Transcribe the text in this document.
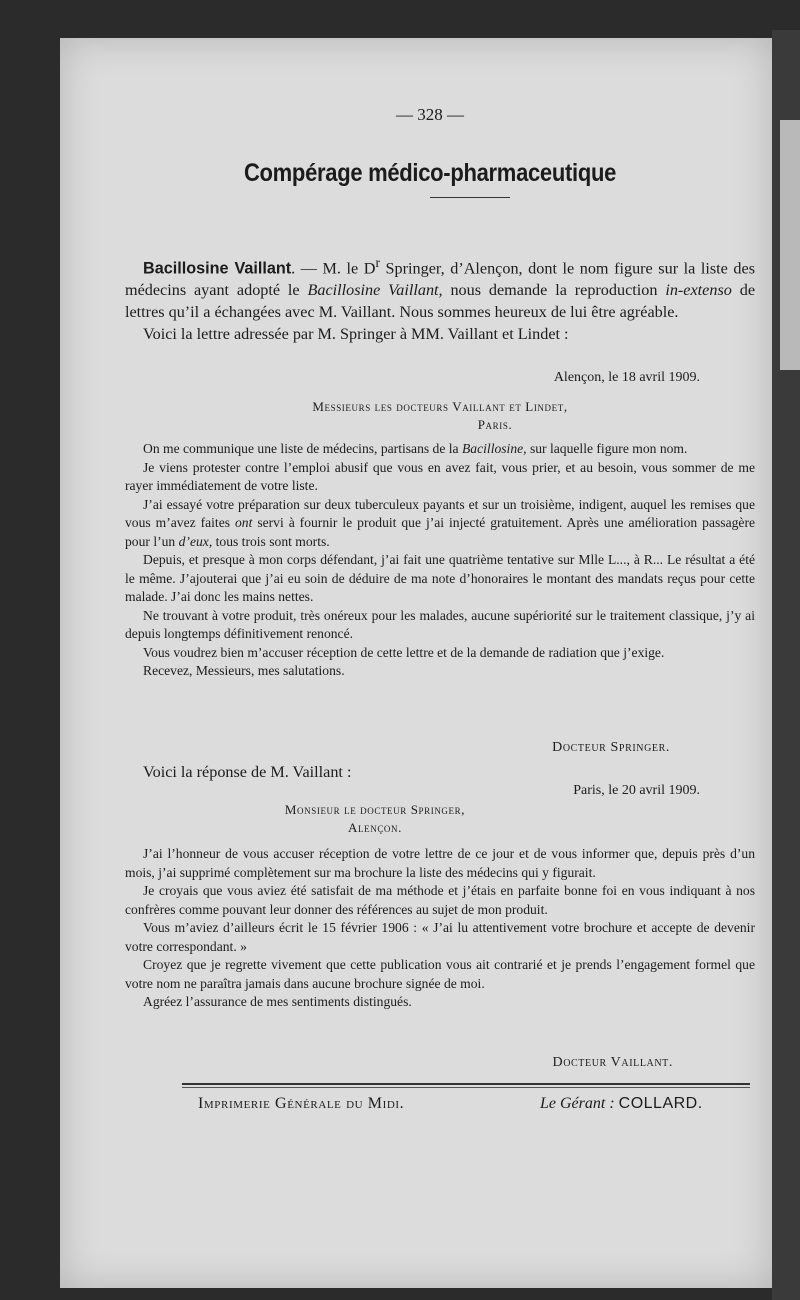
— 328 —
Compérage médico-pharmaceutique

Bacillosine Vaillant. — M. le $D^r$ Springer, d’Alençon, dont le nom figure sur la liste des médecins ayant adopté le Bacillosine Vaillant, nous demande la reproduction in-extenso de lettres qu’il a échangées avec M. Vaillant. Nous sommes heureux de lui être agréable.

Voici la lettre adressée par M. Springer à MM. Vaillant et Lindet :

Alençon, le 18 avril 1909.
Messieurs les docteurs Vaillant et Lindet,
Paris.

On me communique une liste de médecins, partisans de la Bacillosine, sur laquelle figure mon nom.

Je viens protester contre l’emploi abusif que vous en avez fait, vous prier, et au besoin, vous sommer de me rayer immédiatement de votre liste.

J’ai essayé votre préparation sur deux tuberculeux payants et sur un troisième, indigent, auquel les remises que vous m’avez faites ont servi à fournir le produit que j’ai injecté gratuitement. Après une amélioration passagère pour l’un d’eux, tous trois sont morts.

Depuis, et presque à mon corps défendant, j’ai fait une quatrième tentative sur Mlle L..., à R... Le résultat a été le même. J’ajouterai que j’ai eu soin de déduire de ma note d’honoraires le montant des mandats reçus pour cette malade. J’ai donc les mains nettes.

Ne trouvant à votre produit, très onéreux pour les malades, aucune supériorité sur le traitement classique, j’y ai depuis longtemps définitivement renoncé.

Vous voudrez bien m’accuser réception de cette lettre et de la demande de radiation que j’exige.

Recevez, Messieurs, mes salutations.

Docteur Springer.
Voici la réponse de M. Vaillant :
Paris, le 20 avril 1909.
Monsieur le docteur Springer,
Alençon.

J’ai l’honneur de vous accuser réception de votre lettre de ce jour et de vous informer que, depuis près d’un mois, j’ai supprimé complètement sur ma brochure la liste des médecins qui y figurait.

Je croyais que vous aviez été satisfait de ma méthode et j’étais en parfaite bonne foi en vous indiquant à nos confrères comme pouvant leur donner des références au sujet de mon produit.

Vous m’aviez d’ailleurs écrit le 15 février 1906 : « J’ai lu attentivement votre brochure et accepte de devenir votre correspondant. »

Croyez que je regrette vivement que cette publication vous ait contrarié et je prends l’engagement formel que votre nom ne paraîtra jamais dans aucune brochure signée de moi.

Agréez l’assurance de mes sentiments distingués.

Docteur Vaillant.
Imprimerie Générale du Midi.	Le Gérant : COLLARD.
